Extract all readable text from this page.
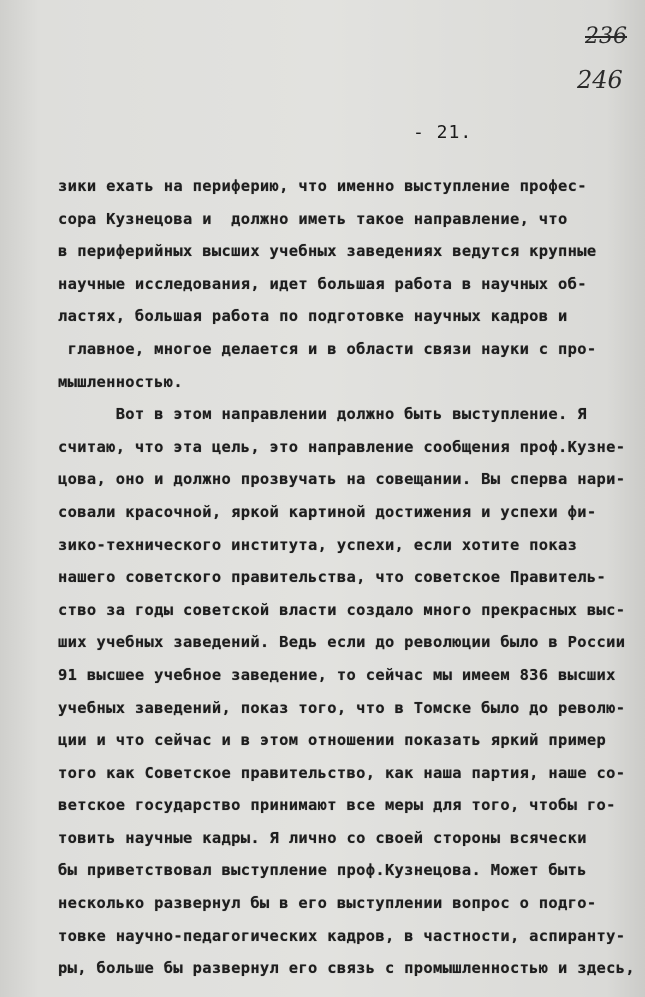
236
246
- 21.
зики ехать на периферию, что именно выступление профес-
сора Кузнецова и  должно иметь такое направление, что
в периферийных высших учебных заведениях ведутся крупные
научные исследования, идет большая работа в научных об-
ластях, большая работа по подготовке научных кадров и
главное, многое делается и в области связи науки с про-
мышленностью.
Вот в этом направлении должно быть выступление. Я
считаю, что эта цель, это направление сообщения проф.Кузне-
цова, оно и должно прозвучать на совещании. Вы сперва нари-
совали красочной, яркой картиной достижения и успехи фи-
зико-технического института, успехи, если хотите показ
нашего советского правительства, что советское Правитель-
ство за годы советской власти создало много прекрасных выс-
ших учебных заведений. Ведь если до революции было в России
91 высшее учебное заведение, то сейчас мы имеем 836 высших
учебных заведений, показ того, что в Томске было до револю-
ции и что сейчас и в этом отношении показать яркий пример
того как Советское правительство, как наша партия, наше со-
ветское государство принимают все меры для того, чтобы го-
товить научные кадры. Я лично со своей стороны всячески
бы приветствовал выступление проф.Кузнецова. Может быть
несколько развернул бы в его выступлении вопрос о подго-
товке научно-педагогических кадров, в частности, аспиранту-
ры, больше бы развернул его связь с промышленностью и здесь,
